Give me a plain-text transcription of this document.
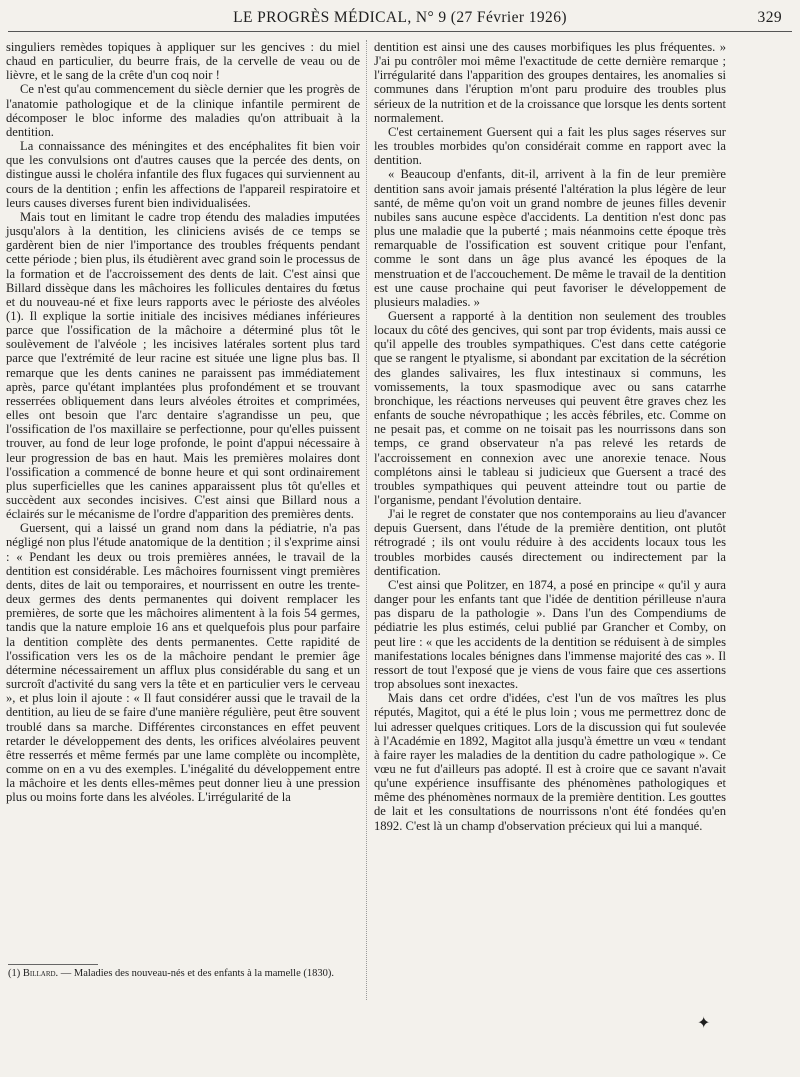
LE PROGRÈS MÉDICAL, N° 9 (27 Février 1926)	329

singuliers remèdes topiques à appliquer sur les gencives : du miel chaud en particulier, du beurre frais, de la cervelle de veau ou de lièvre, et le sang de la crête d'un coq noir !

Ce n'est qu'au commencement du siècle dernier que les progrès de l'anatomie pathologique et de la clinique infantile permirent de décomposer le bloc informe des maladies qu'on attribuait à la dentition.

La connaissance des méningites et des encéphalites fit bien voir que les convulsions ont d'autres causes que la percée des dents, on distingue aussi le choléra infantile des flux fugaces qui surviennent au cours de la dentition ; enfin les affections de l'appareil respiratoire et leurs causes diverses furent bien individualisées.

Mais tout en limitant le cadre trop étendu des maladies imputées jusqu'alors à la dentition, les cliniciens avisés de ce temps se gardèrent bien de nier l'importance des troubles fréquents pendant cette période ; bien plus, ils étudièrent avec grand soin le processus de la formation et de l'accroissement des dents de lait. C'est ainsi que Billard dissèque dans les mâchoires les follicules dentaires du fœtus et du nouveau-né et fixe leurs rapports avec le périoste des alvéoles (1). Il explique la sortie initiale des incisives médianes inférieures parce que l'ossification de la mâchoire a déterminé plus tôt le soulèvement de l'alvéole ; les incisives latérales sortent plus tard parce que l'extrémité de leur racine est située une ligne plus bas. Il remarque que les dents canines ne paraissent pas immédiatement après, parce qu'étant implantées plus profondément et se trouvant resserrées obliquement dans leurs alvéoles étroites et comprimées, elles ont besoin que l'arc dentaire s'agrandisse un peu, que l'ossification de l'os maxillaire se perfectionne, pour qu'elles puissent trouver, au fond de leur loge profonde, le point d'appui nécessaire à leur progression de bas en haut. Mais les premières molaires dont l'ossification a commencé de bonne heure et qui sont ordinairement plus superficielles que les canines apparaissent plus tôt qu'elles et succèdent aux secondes incisives. C'est ainsi que Billard nous a éclairés sur le mécanisme de l'ordre d'apparition des premières dents.

Guersent, qui a laissé un grand nom dans la pédiatrie, n'a pas négligé non plus l'étude anatomique de la dentition ; il s'exprime ainsi : « Pendant les deux ou trois premières années, le travail de la dentition est considérable. Les mâchoires fournissent vingt premières dents, dites de lait ou temporaires, et nourrissent en outre les trente-deux germes des dents permanentes qui doivent remplacer les premières, de sorte que les mâchoires alimentent à la fois 54 germes, tandis que la nature emploie 16 ans et quelquefois plus pour parfaire la dentition complète des dents permanentes. Cette rapidité de l'ossification vers les os de la mâchoire pendant le premier âge détermine nécessairement un afflux plus considérable du sang et un surcroît d'activité du sang vers la tête et en particulier vers le cerveau », et plus loin il ajoute : « Il faut considérer aussi que le travail de la dentition, au lieu de se faire d'une manière régulière, peut être souvent troublé dans sa marche. Différentes circonstances en effet peuvent retarder le développement des dents, les orifices alvéolaires peuvent être resserrés et même fermés par une lame complète ou incomplète, comme on en a vu des exemples. L'inégalité du développement entre la mâchoire et les dents elles-mêmes peut donner lieu à une pression plus ou moins forte dans les alvéoles. L'irrégularité de la

(1) Billard. — Maladies des nouveau-nés et des enfants à la mamelle (1830).

dentition est ainsi une des causes morbifiques les plus fréquentes. » J'ai pu contrôler moi même l'exactitude de cette dernière remarque ; l'irrégularité dans l'apparition des groupes dentaires, les anomalies si communes dans l'éruption m'ont paru produire des troubles plus sérieux de la nutrition et de la croissance que lorsque les dents sortent normalement.

C'est certainement Guersent qui a fait les plus sages réserves sur les troubles morbides qu'on considérait comme en rapport avec la dentition.

« Beaucoup d'enfants, dit-il, arrivent à la fin de leur première dentition sans avoir jamais présenté l'altération la plus légère de leur santé, de même qu'on voit un grand nombre de jeunes filles devenir nubiles sans aucune espèce d'accidents. La dentition n'est donc pas plus une maladie que la puberté ; mais néanmoins cette époque très remarquable de l'ossification est souvent critique pour l'enfant, comme le sont dans un âge plus avancé les époques de la menstruation et de l'accouchement. De même le travail de la dentition est une cause prochaine qui peut favoriser le développement de plusieurs maladies. »

Guersent a rapporté à la dentition non seulement des troubles locaux du côté des gencives, qui sont par trop évidents, mais aussi ce qu'il appelle des troubles sympathiques. C'est dans cette catégorie que se rangent le ptyalisme, si abondant par excitation de la sécrétion des glandes salivaires, les flux intestinaux si communs, les vomissements, la toux spasmodique avec ou sans catarrhe bronchique, les réactions nerveuses qui peuvent être graves chez les enfants de souche névropathique ; les accès fébriles, etc. Comme on ne pesait pas, et comme on ne toisait pas les nourrissons dans son temps, ce grand observateur n'a pas relevé les retards de l'accroissement en connexion avec une anorexie tenace. Nous complétons ainsi le tableau si judicieux que Guersent a tracé des troubles sympathiques qui peuvent atteindre tout ou partie de l'organisme, pendant l'évolution dentaire.

J'ai le regret de constater que nos contemporains au lieu d'avancer depuis Guersent, dans l'étude de la première dentition, ont plutôt rétrogradé ; ils ont voulu réduire à des accidents locaux tous les troubles morbides causés directement ou indirectement par la dentification.

C'est ainsi que Politzer, en 1874, a posé en principe « qu'il y aura danger pour les enfants tant que l'idée de dentition périlleuse n'aura pas disparu de la pathologie ». Dans l'un des Compendiums de pédiatrie les plus estimés, celui publié par Grancher et Comby, on peut lire : « que les accidents de la dentition se réduisent à de simples manifestations locales bénignes dans l'immense majorité des cas ». Il ressort de tout l'exposé que je viens de vous faire que ces assertions trop absolues sont inexactes.

Mais dans cet ordre d'idées, c'est l'un de vos maîtres les plus réputés, Magitot, qui a été le plus loin ; vous me permettrez donc de lui adresser quelques critiques. Lors de la discussion qui fut soulevée à l'Académie en 1892, Magitot alla jusqu'à émettre un vœu « tendant à faire rayer les maladies de la dentition du cadre pathologique ». Ce vœu ne fut d'ailleurs pas adopté. Il est à croire que ce savant n'avait qu'une expérience insuffisante des phénomènes pathologiques et même des phénomènes normaux de la première dentition. Les gouttes de lait et les consultations de nourrissons n'ont été fondées qu'en 1892. C'est là un champ d'observation précieux qui lui a manqué.

✦
